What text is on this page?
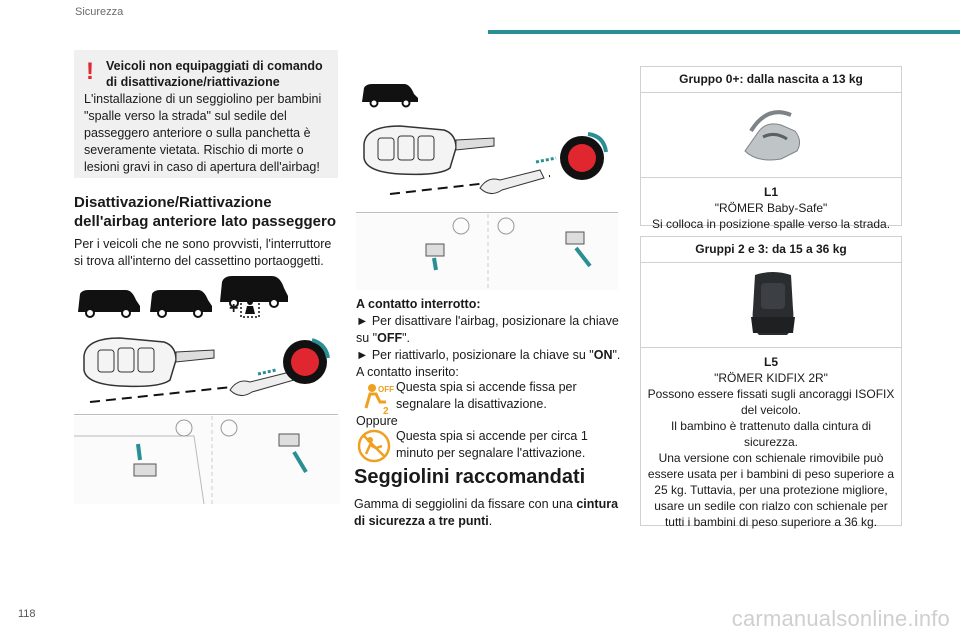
Sicurezza
! Veicoli non equipaggiati di comando di disattivazione/riattivazione
L'installazione di un seggiolino per bambini "spalle verso la strada" sul sedile del passeggero anteriore o sulla panchetta è severamente vietata. Rischio di morte o lesioni gravi in caso di apertura dell'airbag!
Disattivazione/Riattivazione dell'airbag anteriore lato passeggero
Per i veicoli che ne sono provvisti, l'interruttore si trova all'interno del cassettino portaoggetti.
+	A contatto interrotto:
► Per disattivare l'airbag, posizionare la chiave su "OFF".
► Per riattivarlo, posizionare la chiave su "ON".
A contatto inserito:
2
OFF Questa spia si accende fissa per segnalare la disattivazione.
Oppure
Questa spia si accende per circa 1 minuto per segnalare l'attivazione.
Seggiolini raccomandati
Gamma di seggiolini da fissare con una cintura di sicurezza a tre punti.
Gruppo 0+: dalla nascita a 13 kg
L1
"RÖMER Baby-Safe"
Si colloca in posizione spalle verso la strada.
Gruppi 2 e 3: da 15 a 36 kg
L5
"RÖMER KIDFIX 2R"
Possono essere fissati sugli ancoraggi ISOFIX del veicolo.
Il bambino è trattenuto dalla cintura di sicurezza.
Una versione con schienale rimovibile può essere usata per i bambini di peso superiore a 25 kg. Tuttavia, per una protezione migliore, usare un sedile con rialzo con schienale per tutti i bambini di peso superiore a 36 kg.
118	carmanualsonline.info
